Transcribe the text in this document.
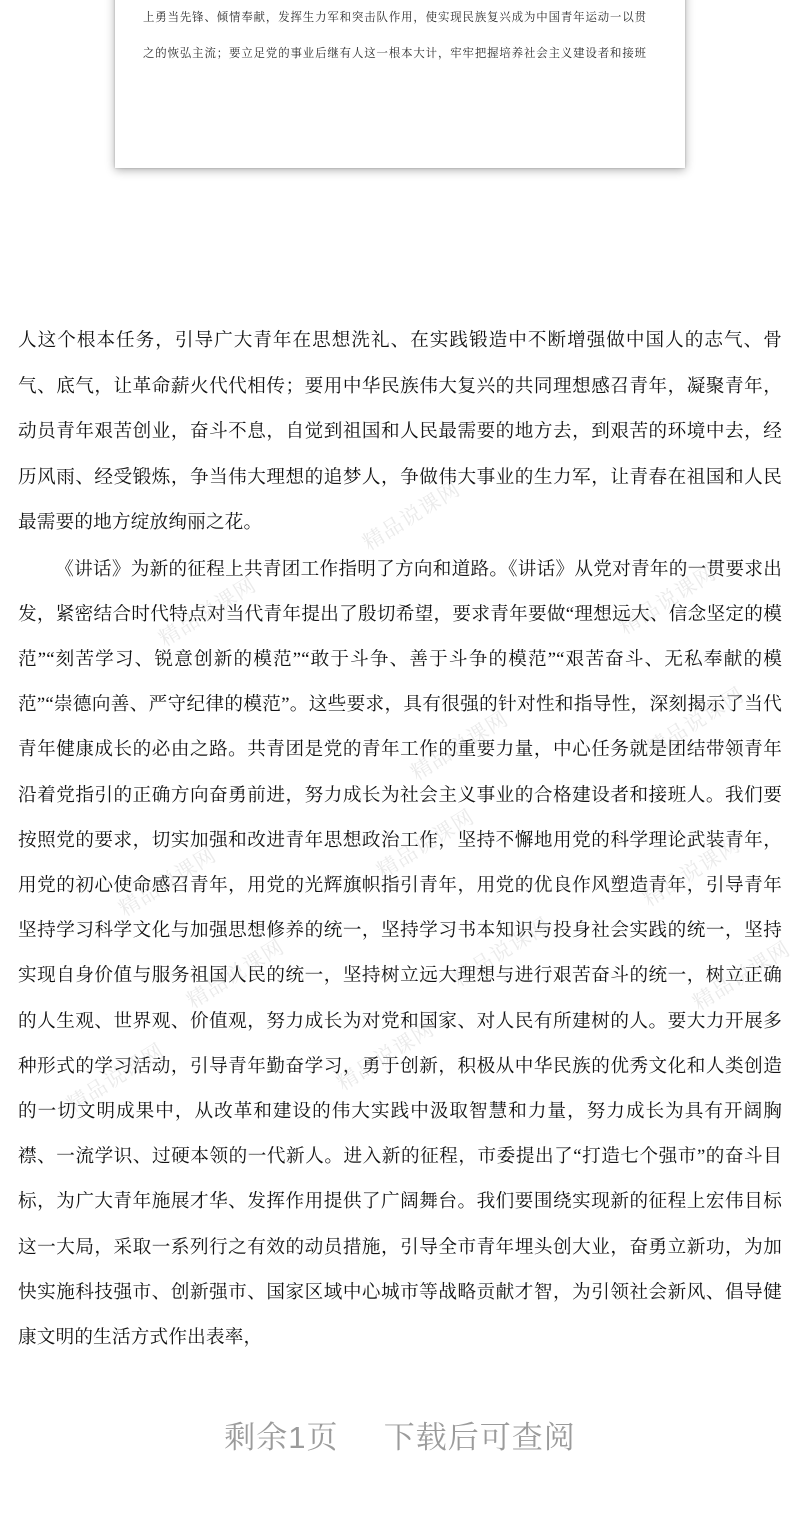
上勇当先锋、倾情奉献，发挥生力军和突击队作用，使实现民族复兴成为中国青年运动一以贯
之的恢弘主流；要立足党的事业后继有人这一根本大计，牢牢把握培养社会主义建设者和接班

人这个根本任务，引导广大青年在思想洗礼、在实践锻造中不断增强做中国人的志气、骨气、底气，让革命薪火代代相传；要用中华民族伟大复兴的共同理想感召青年，凝聚青年，动员青年艰苦创业，奋斗不息，自觉到祖国和人民最需要的地方去，到艰苦的环境中去，经历风雨、经受锻炼，争当伟大理想的追梦人，争做伟大事业的生力军，让青春在祖国和人民最需要的地方绽放绚丽之花。

《讲话》为新的征程上共青团工作指明了方向和道路。《讲话》从党对青年的一贯要求出发，紧密结合时代特点对当代青年提出了殷切希望，要求青年要做“理想远大、信念坚定的模范”“刻苦学习、锐意创新的模范”“敢于斗争、善于斗争的模范”“艰苦奋斗、无私奉献的模范”“崇德向善、严守纪律的模范”。这些要求，具有很强的针对性和指导性，深刻揭示了当代青年健康成长的必由之路。共青团是党的青年工作的重要力量，中心任务就是团结带领青年沿着党指引的正确方向奋勇前进，努力成长为社会主义事业的合格建设者和接班人。我们要按照党的要求，切实加强和改进青年思想政治工作，坚持不懈地用党的科学理论武装青年，用党的初心使命感召青年，用党的光辉旗帜指引青年，用党的优良作风塑造青年，引导青年坚持学习科学文化与加强思想修养的统一，坚持学习书本知识与投身社会实践的统一，坚持实现自身价值与服务祖国人民的统一，坚持树立远大理想与进行艰苦奋斗的统一，树立正确的人生观、世界观、价值观，努力成长为对党和国家、对人民有所建树的人。要大力开展多种形式的学习活动，引导青年勤奋学习，勇于创新，积极从中华民族的优秀文化和人类创造的一切文明成果中，从改革和建设的伟大实践中汲取智慧和力量，努力成长为具有开阔胸襟、一流学识、过硬本领的一代新人。进入新的征程，市委提出了“打造七个强市”的奋斗目标，为广大青年施展才华、发挥作用提供了广阔舞台。我们要围绕实现新的征程上宏伟目标这一大局，采取一系列行之有效的动员措施，引导全市青年埋头创大业，奋勇立新功，为加快实施科技强市、创新强市、国家区域中心城市等战略贡献才智，为引领社会新风、倡导健康文明的生活方式作出表率，

精品说课网
精品说课网	精品说课网
精品说课网	精品说课网
精品说课网	精品说课网	精品说课网
精品说课网	精品说课网	精品说课网
精品说课网	精品说课网
剩余1页 下载后可查阅
